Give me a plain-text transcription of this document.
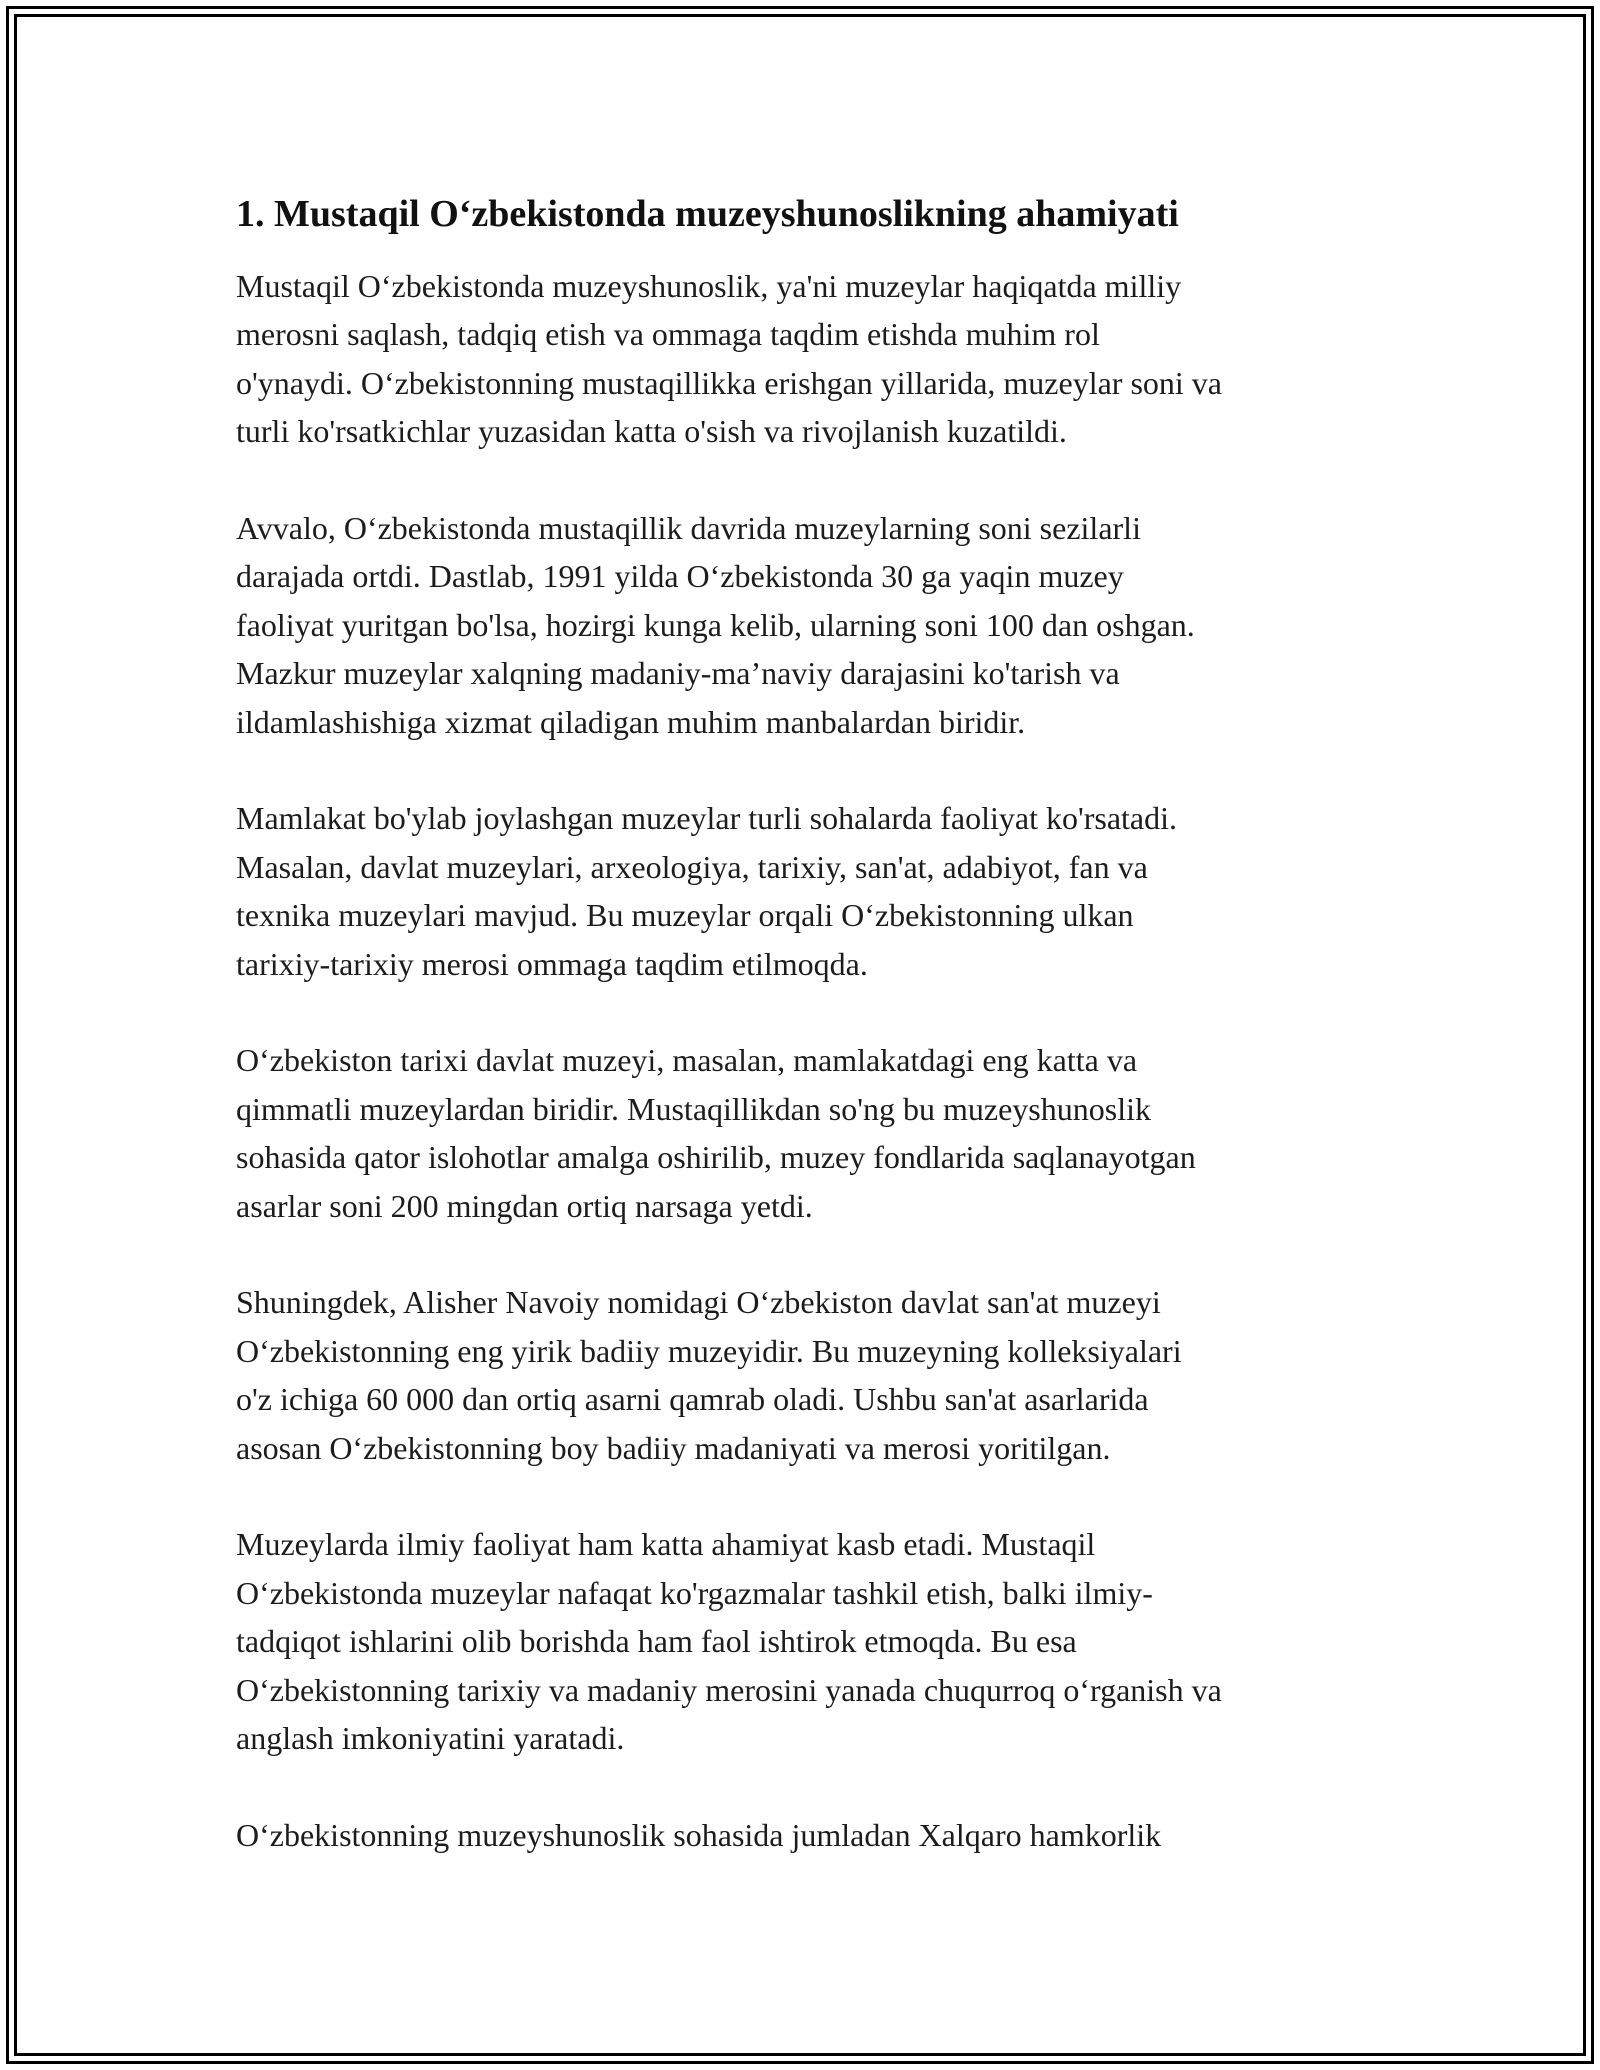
1. Mustaqil O‘zbekistonda muzeyshunoslikning ahamiyati

Mustaqil O‘zbekistonda muzeyshunoslik, ya'ni muzeylar haqiqatda milliy
merosni saqlash, tadqiq etish va ommaga taqdim etishda muhim rol
o'ynaydi. O‘zbekistonning mustaqillikka erishgan yillarida, muzeylar soni va
turli ko'rsatkichlar yuzasidan katta o'sish va rivojlanish kuzatildi.

Avvalo, O‘zbekistonda mustaqillik davrida muzeylarning soni sezilarli
darajada ortdi. Dastlab, 1991 yilda O‘zbekistonda 30 ga yaqin muzey
faoliyat yuritgan bo'lsa, hozirgi kunga kelib, ularning soni 100 dan oshgan.
Mazkur muzeylar xalqning madaniy-ma’naviy darajasini ko'tarish va
ildamlashishiga xizmat qiladigan muhim manbalardan biridir.

Mamlakat bo'ylab joylashgan muzeylar turli sohalarda faoliyat ko'rsatadi.
Masalan, davlat muzeylari, arxeologiya, tarixiy, san'at, adabiyot, fan va
texnika muzeylari mavjud. Bu muzeylar orqali O‘zbekistonning ulkan
tarixiy-tarixiy merosi ommaga taqdim etilmoqda.

O‘zbekiston tarixi davlat muzeyi, masalan, mamlakatdagi eng katta va
qimmatli muzeylardan biridir. Mustaqillikdan so'ng bu muzeyshunoslik
sohasida qator islohotlar amalga oshirilib, muzey fondlarida saqlanayotgan
asarlar soni 200 mingdan ortiq narsaga yetdi.

Shuningdek, Alisher Navoiy nomidagi O‘zbekiston davlat san'at muzeyi
O‘zbekistonning eng yirik badiiy muzeyidir. Bu muzeyning kolleksiyalari
o'z ichiga 60 000 dan ortiq asarni qamrab oladi. Ushbu san'at asarlarida
asosan O‘zbekistonning boy badiiy madaniyati va merosi yoritilgan.

Muzeylarda ilmiy faoliyat ham katta ahamiyat kasb etadi. Mustaqil
O‘zbekistonda muzeylar nafaqat ko'rgazmalar tashkil etish, balki ilmiy-
tadqiqot ishlarini olib borishda ham faol ishtirok etmoqda. Bu esa
O‘zbekistonning tarixiy va madaniy merosini yanada chuqurroq o‘rganish va
anglash imkoniyatini yaratadi.

O‘zbekistonning muzeyshunoslik sohasida jumladan Xalqaro hamkorlik
